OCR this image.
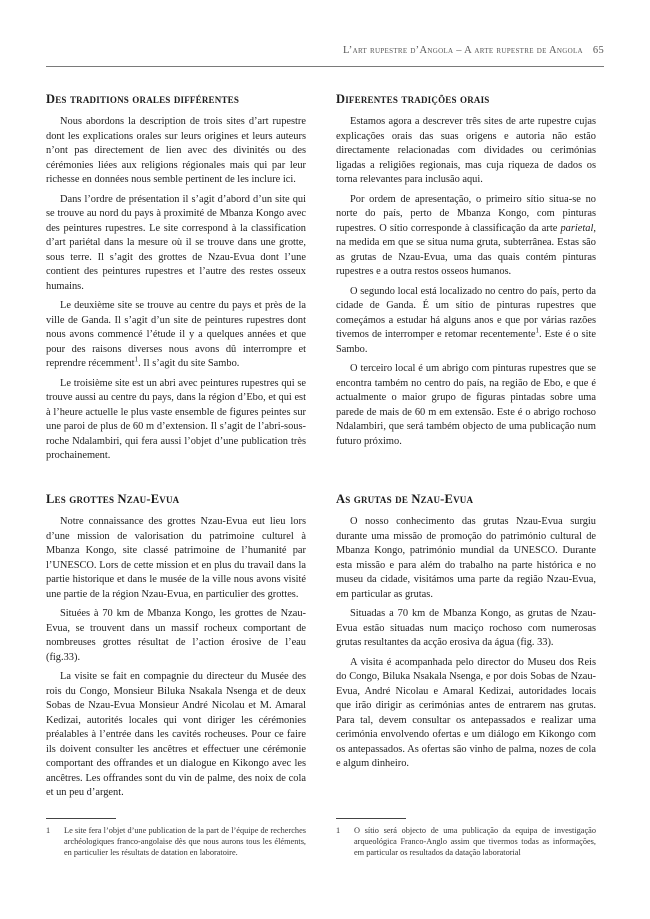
L’art rupestre d’Angola – A arte rupestre de Angola 65
Des traditions orales différentes

Nous abordons la description de trois sites d’art rupestre dont les explications orales sur leurs origines et leurs auteurs n’ont pas directement de lien avec des divinités ou des cérémonies liées aux religions régionales mais qui par leur richesse en données nous semble pertinent de les inclure ici.

Dans l’ordre de présentation il s’agit d’abord d’un site qui se trouve au nord du pays à proximité de Mbanza Kongo avec des peintures rupestres. Le site correspond à la classification d’art pariétal dans la mesure où il se trouve dans une grotte, sous terre. Il s’agit des grottes de Nzau-Evua dont l’une contient des peintures rupestres et l’autre des restes osseux humains.

Le deuxième site se trouve au centre du pays et près de la ville de Ganda. Il s’agit d’un site de peintures rupestres dont nous avons commencé l’étude il y a quelques années et que pour des raisons diverses nous avons dû interrompre et reprendre récemment$^1$. Il s’agit du site Sambo.

Le troisième site est un abri avec peintures rupestres qui se trouve aussi au centre du pays, dans la région d’Ebo, et qui est à l’heure actuelle le plus vaste ensemble de figures peintes sur une paroi de plus de 60 m d’extension. Il s’agit de l’abri-sous-roche Ndalambiri, qui fera aussi l’objet d’une publication très prochainement.

Les grottes Nzau-Evua

Notre connaissance des grottes Nzau-Evua eut lieu lors d’une mission de valorisation du patrimoine culturel à Mbanza Kongo, site classé patrimoine de l’humanité par l’UNESCO. Lors de cette mission et en plus du travail dans la partie historique et dans le musée de la ville nous avons visité une partie de la région Nzau-Evua, en particulier des grottes.

Situées à 70 km de Mbanza Kongo, les grottes de Nzau-Evua, se trouvent dans un massif rocheux comportant de nombreuses grottes résultat de l’action érosive de l’eau (fig.33).

La visite se fait en compagnie du directeur du Musée des rois du Congo, Monsieur Biluka Nsakala Nsenga et de deux Sobas de Nzau-Evua Monsieur André Nicolau et M. Amaral Kedizai, autorités locales qui vont diriger les cérémonies préalables à l’entrée dans les cavités rocheuses. Pour ce faire ils doivent consulter les ancêtres et effectuer une cérémonie comportant des offrandes et un dialogue en Kikongo avec les ancêtres. Les offrandes sont du vin de palme, des noix de cola et un peu d’argent.

1	Le site fera l’objet d’une publication de la part de l’équipe de recherches archéologiques franco-angolaise dès que nous aurons tous les éléments, en particulier les résultats de datation en laboratoire.
Diferentes tradições orais

Estamos agora a descrever três sites de arte rupestre cujas explicações orais das suas origens e autoria não estão directamente relacionadas com dividades ou cerimónias ligadas a religiões regionais, mas cuja riqueza de dados os torna relevantes para inclusão aqui.

Por ordem de apresentação, o primeiro sítio situa-se no norte do país, perto de Mbanza Kongo, com pinturas rupestres. O sítio corresponde à classificação da arte parietal, na medida em que se situa numa gruta, subterrânea. Estas são as grutas de Nzau-Evua, uma das quais contém pinturas rupestres e a outra restos osseos humanos.

O segundo local está localizado no centro do país, perto da cidade de Ganda. É um sítio de pinturas rupestres que começámos a estudar há alguns anos e que por várias razões tivemos de interromper e retomar recentemente$^1$. Este é o site Sambo.

O terceiro local é um abrigo com pinturas rupestres que se encontra também no centro do país, na região de Ebo, e que é actualmente o maior grupo de figuras pintadas sobre uma parede de mais de 60 m em extensão. Este é o abrigo rochoso Ndalambiri, que será também objecto de uma publicação num futuro próximo.

As grutas de Nzau-Evua

O nosso conhecimento das grutas Nzau-Evua surgiu durante uma missão de promoção do património cultural de Mbanza Kongo, património mundial da UNESCO. Durante esta missão e para além do trabalho na parte histórica e no museu da cidade, visitámos uma parte da região Nzau-Evua, em particular as grutas.

Situadas a 70 km de Mbanza Kongo, as grutas de Nzau-Evua estão situadas num maciço rochoso com numerosas grutas resultantes da acção erosiva da água (fig. 33).

A visita é acompanhada pelo director do Museu dos Reis do Congo, Biluka Nsakala Nsenga, e por dois Sobas de Nzau-Evua, André Nicolau e Amaral Kedizai, autoridades locais que irão dirigir as cerimónias antes de entrarem nas grutas. Para tal, devem consultar os antepassados e realizar uma cerimónia envolvendo ofertas e um diálogo em Kikongo com os antepassados. As ofertas são vinho de palma, nozes de cola e algum dinheiro.

1	O sítio será objecto de uma publicação da equipa de investigação arqueológica Franco-Anglo assim que tivermos todas as informações, em particular os resultados da datação laboratorial
